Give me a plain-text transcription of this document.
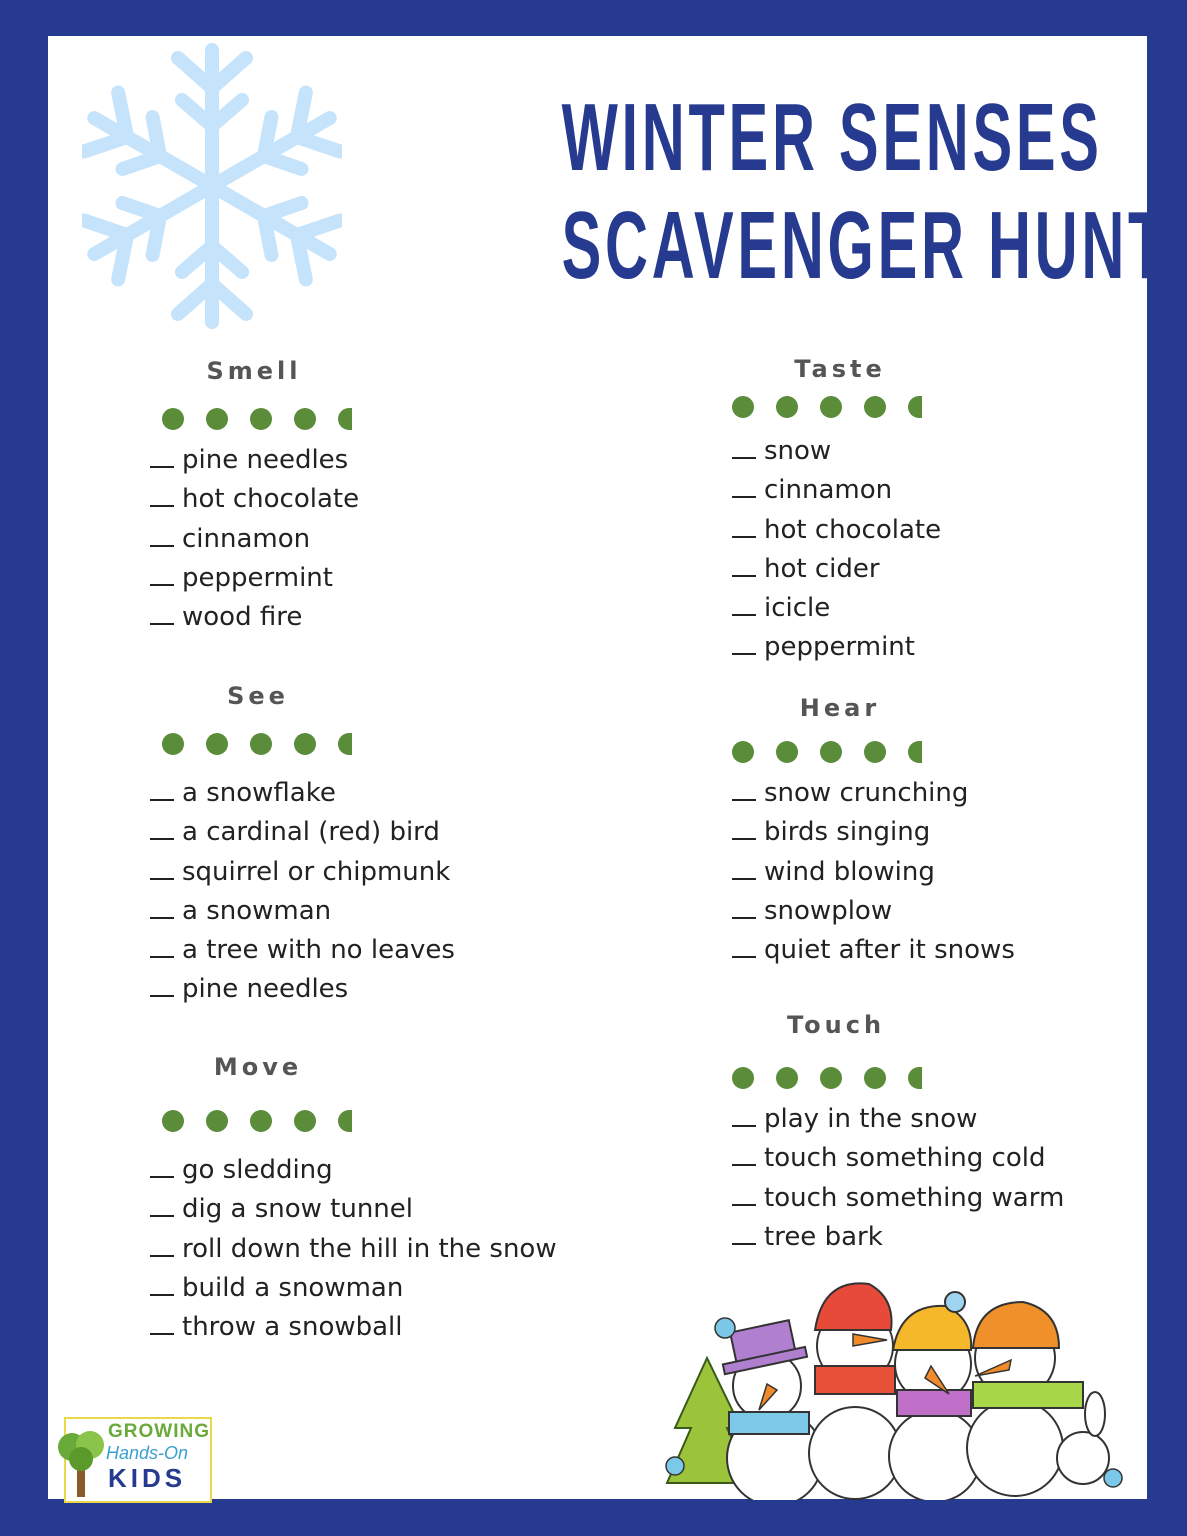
WINTER SENSES
SCAVENGER HUNT
Smell
pine needles
hot chocolate
cinnamon
peppermint
wood fire
See
a snowflake
a cardinal (red) bird
squirrel or chipmunk
a snowman
a tree with no leaves
pine needles
Move
go sledding
dig a snow tunnel
roll down the hill in the snow
build a snowman
throw a snowball
Taste
snow
cinnamon
hot chocolate
hot cider
icicle
peppermint
Hear
snow crunching
birds singing
wind blowing
snowplow
quiet after it snows
Touch
play in the snow
touch something cold
touch something warm
tree bark
GROWING
Hands-On
KIDS
